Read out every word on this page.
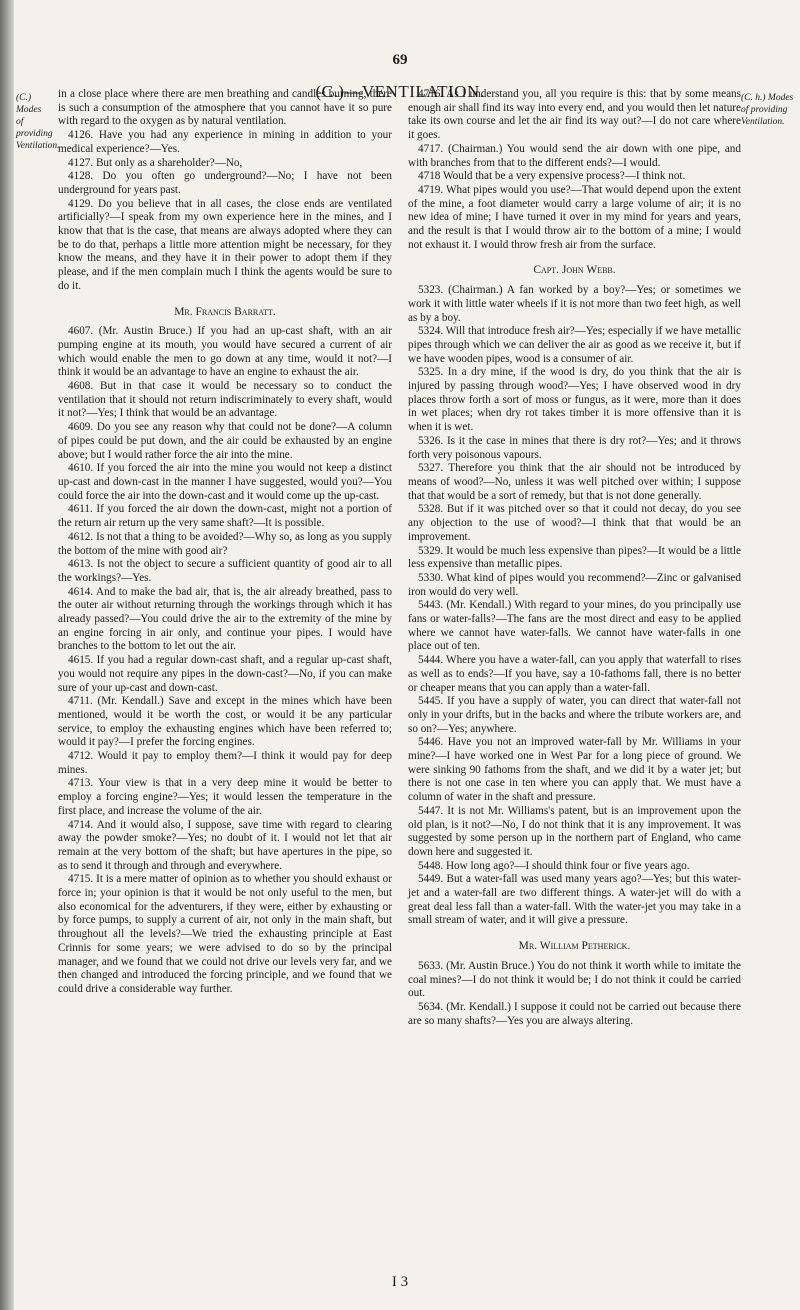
69
(C.)—VENTILATION.
(C.) Modes
of providing
Ventilation.
(C. h.) Modes
of providing
Ventilation.

in a close place where there are men breathing and candles burning, there is such a consumption of the atmosphere that you cannot have it so pure with regard to the oxygen as by natural ventilation.

4126. Have you had any experience in mining in addition to your medical experience?—Yes.

4127. But only as a shareholder?—No,

4128. Do you often go underground?—No; I have not been underground for years past.

4129. Do you believe that in all cases, the close ends are ventilated artificially?—I speak from my own experience here in the mines, and I know that that is the case, that means are always adopted where they can be to do that, perhaps a little more attention might be necessary, for they know the means, and they have it in their power to adopt them if they please, and if the men complain much I think the agents would be sure to do it.

Mr. Francis Barratt.

4607. (Mr. Austin Bruce.) If you had an up-cast shaft, with an air pumping engine at its mouth, you would have secured a current of air which would enable the men to go down at any time, would it not?—I think it would be an advantage to have an engine to exhaust the air.

4608. But in that case it would be necessary so to conduct the ventilation that it should not return indiscriminately to every shaft, would it not?—Yes; I think that would be an advantage.

4609. Do you see any reason why that could not be done?—A column of pipes could be put down, and the air could be exhausted by an engine above; but I would rather force the air into the mine.

4610. If you forced the air into the mine you would not keep a distinct up-cast and down-cast in the manner I have suggested, would you?—You could force the air into the down-cast and it would come up the up-cast.

4611. If you forced the air down the down-cast, might not a portion of the return air return up the very same shaft?—It is possible.

4612. Is not that a thing to be avoided?—Why so, as long as you supply the bottom of the mine with good air?

4613. Is not the object to secure a sufficient quantity of good air to all the workings?—Yes.

4614. And to make the bad air, that is, the air already breathed, pass to the outer air without returning through the workings through which it has already passed?—You could drive the air to the extremity of the mine by an engine forcing in air only, and continue your pipes. I would have branches to the bottom to let out the air.

4615. If you had a regular down-cast shaft, and a regular up-cast shaft, you would not require any pipes in the down-cast?—No, if you can make sure of your up-cast and down-cast.

4711. (Mr. Kendall.) Save and except in the mines which have been mentioned, would it be worth the cost, or would it be any particular service, to employ the exhausting engines which have been referred to; would it pay?—I prefer the forcing engines.

4712. Would it pay to employ them?—I think it would pay for deep mines.

4713. Your view is that in a very deep mine it would be better to employ a forcing engine?—Yes; it would lessen the temperature in the first place, and increase the volume of the air.

4714. And it would also, I suppose, save time with regard to clearing away the powder smoke?—Yes; no doubt of it. I would not let that air remain at the very bottom of the shaft; but have apertures in the pipe, so as to send it through and through and everywhere.

4715. It is a mere matter of opinion as to whether you should exhaust or force in; your opinion is that it would be not only useful to the men, but also economical for the adventurers, if they were, either by exhausting or by force pumps, to supply a current of air, not only in the main shaft, but throughout all the levels?—We tried the exhausting principle at East Crinnis for some years; we were advised to do so by the principal manager, and we found that we could not drive our levels very far, and we then changed and introduced the forcing principle, and we found that we could drive a considerable way further.

4716. As I understand you, all you require is this: that by some means enough air shall find its way into every end, and you would then let nature take its own course and let the air find its way out?—I do not care where it goes.

4717. (Chairman.) You would send the air down with one pipe, and with branches from that to the different ends?—I would.

4718 Would that be a very expensive process?—I think not.

4719. What pipes would you use?—That would depend upon the extent of the mine, a foot diameter would carry a large volume of air; it is no new idea of mine; I have turned it over in my mind for years and years, and the result is that I would throw air to the bottom of a mine; I would not exhaust it. I would throw fresh air from the surface.

Capt. John Webb.

5323. (Chairman.) A fan worked by a boy?—Yes; or sometimes we work it with little water wheels if it is not more than two feet high, as well as by a boy.

5324. Will that introduce fresh air?—Yes; especially if we have metallic pipes through which we can deliver the air as good as we receive it, but if we have wooden pipes, wood is a consumer of air.

5325. In a dry mine, if the wood is dry, do you think that the air is injured by passing through wood?—Yes; I have observed wood in dry places throw forth a sort of moss or fungus, as it were, more than it does in wet places; when dry rot takes timber it is more offensive than it is when it is wet.

5326. Is it the case in mines that there is dry rot?—Yes; and it throws forth very poisonous vapours.

5327. Therefore you think that the air should not be introduced by means of wood?—No, unless it was well pitched over within; I suppose that that would be a sort of remedy, but that is not done generally.

5328. But if it was pitched over so that it could not decay, do you see any objection to the use of wood?—I think that that would be an improvement.

5329. It would be much less expensive than pipes?—It would be a little less expensive than metallic pipes.

5330. What kind of pipes would you recommend?—Zinc or galvanised iron would do very well.

5443. (Mr. Kendall.) With regard to your mines, do you principally use fans or water-falls?—The fans are the most direct and easy to be applied where we cannot have water-falls. We cannot have water-falls in one place out of ten.

5444. Where you have a water-fall, can you apply that waterfall to rises as well as to ends?—If you have, say a 10-fathoms fall, there is no better or cheaper means that you can apply than a water-fall.

5445. If you have a supply of water, you can direct that water-fall not only in your drifts, but in the backs and where the tribute workers are, and so on?—Yes; anywhere.

5446. Have you not an improved water-fall by Mr. Williams in your mine?—I have worked one in West Par for a long piece of ground. We were sinking 90 fathoms from the shaft, and we did it by a water jet; but there is not one case in ten where you can apply that. We must have a column of water in the shaft and pressure.

5447. It is not Mr. Williams's patent, but is an improvement upon the old plan, is it not?—No, I do not think that it is any improvement. It was suggested by some person up in the northern part of England, who came down here and suggested it.

5448. How long ago?—I should think four or five years ago.

5449. But a water-fall was used many years ago?—Yes; but this water-jet and a water-fall are two different things. A water-jet will do with a great deal less fall than a water-fall. With the water-jet you may take in a small stream of water, and it will give a pressure.

Mr. William Petherick.

5633. (Mr. Austin Bruce.) You do not think it worth while to imitate the coal mines?—I do not think it would be; I do not think it could be carried out.

5634. (Mr. Kendall.) I suppose it could not be carried out because there are so many shafts?—Yes you are always altering.

I 3
